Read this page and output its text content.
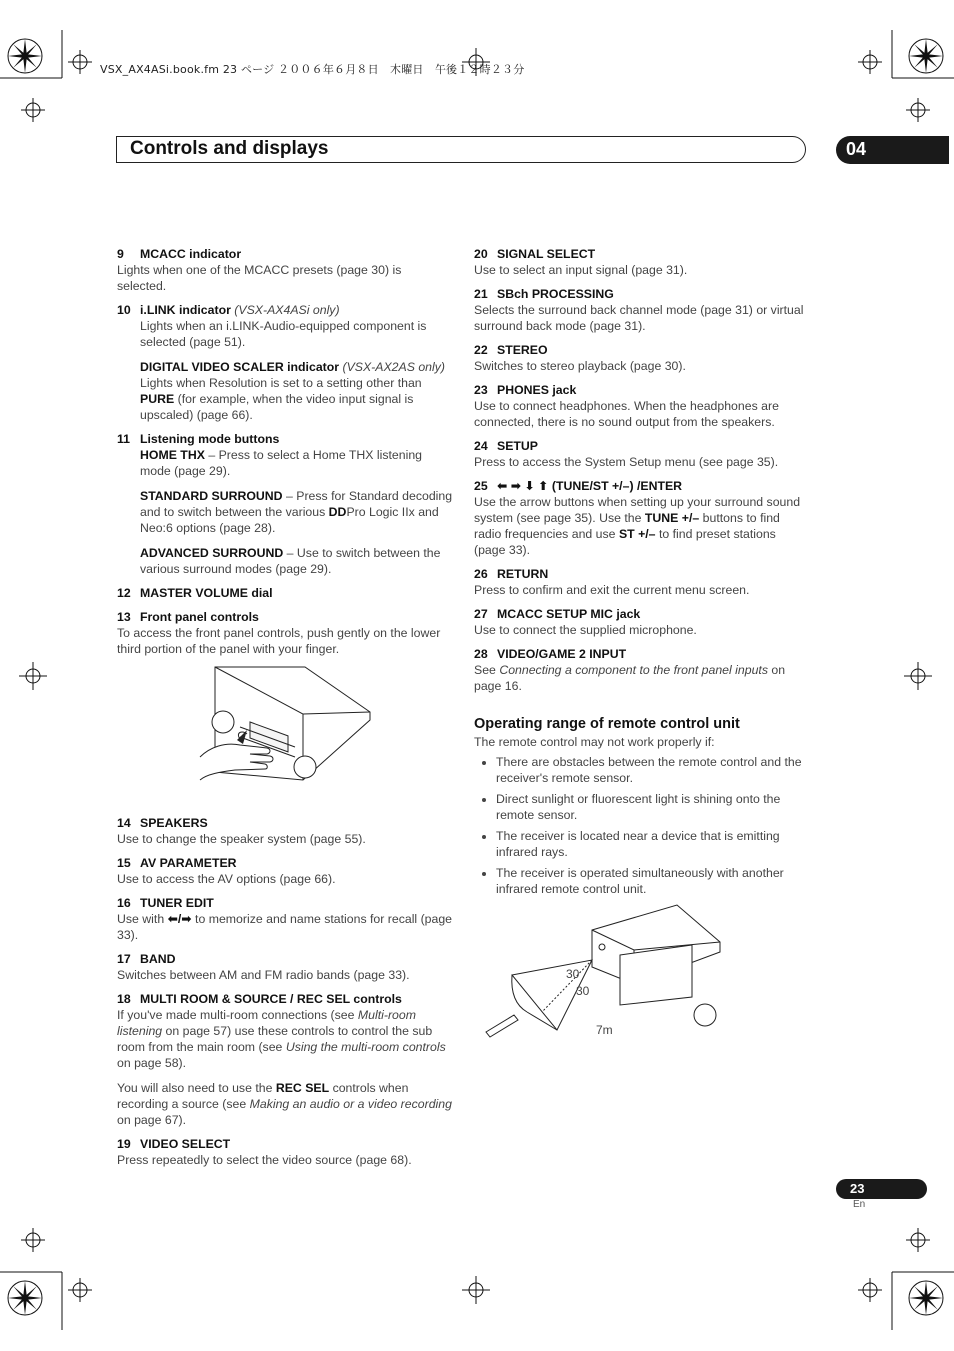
VSX_AX4ASi.book.fm 23 ページ ２００６年６月８日　木曜日　午後１２時２３分
Controls and displays	04
9 MCACC indicator
Lights when one of the MCACC presets (page 30) is selected.
10 i.LINK indicator (VSX-AX4ASi only)
Lights when an i.LINK-Audio-equipped component is selected (page 51).
DIGITAL VIDEO SCALER indicator (VSX-AX2AS only)
Lights when Resolution is set to a setting other than PURE (for example, when the video input signal is upscaled) (page 66).
11 Listening mode buttons
HOME THX – Press to select a Home THX listening mode (page 29).
STANDARD SURROUND – Press for Standard decoding and to switch between the various DDPro Logic IIx and Neo:6 options (page 28).
ADVANCED SURROUND – Use to switch between the various surround modes (page 29).
12 MASTER VOLUME dial
13 Front panel controls
To access the front panel controls, push gently on the lower third portion of the panel with your finger.
14 SPEAKERS
Use to change the speaker system (page 55).
15 AV PARAMETER
Use to access the AV options (page 66).
16 TUNER EDIT
Use with ⬅/➡ to memorize and name stations for recall (page 33).
17 BAND
Switches between AM and FM radio bands (page 33).
18 MULTI ROOM & SOURCE / REC SEL controls
If you've made multi-room connections (see Multi-room listening on page 57) use these controls to control the sub room from the main room (see Using the multi-room controls on page 58).
You will also need to use the REC SEL controls when recording a source (see Making an audio or a video recording on page 67).
19 VIDEO SELECT
Press repeatedly to select the video source (page 68).
20 SIGNAL SELECT
Use to select an input signal (page 31).
21 SBch PROCESSING
Selects the surround back channel mode (page 31) or virtual surround back mode (page 31).
22 STEREO
Switches to stereo playback (page 30).
23 PHONES jack
Use to connect headphones. When the headphones are connected, there is no sound output from the speakers.
24 SETUP
Press to access the System Setup menu (see page 35).
25 ⬅ ➡ ⬇ ⬆ (TUNE/ST +/–) /ENTER
Use the arrow buttons when setting up your surround sound system (see page 35). Use the TUNE +/– buttons to find radio frequencies and use ST +/– to find preset stations (page 33).
26 RETURN
Press to confirm and exit the current menu screen.
27 MCACC SETUP MIC jack
Use to connect the supplied microphone.
28 VIDEO/GAME 2 INPUT
See Connecting a component to the front panel inputs on page 16.
Operating range of remote control unit
The remote control may not work properly if:
• There are obstacles between the remote control and the receiver's remote sensor.
• Direct sunlight or fluorescent light is shining onto the remote sensor.
• The receiver is located near a device that is emitting infrared rays.
• The receiver is operated simultaneously with another infrared remote control unit.
30
30
7m
23
En
